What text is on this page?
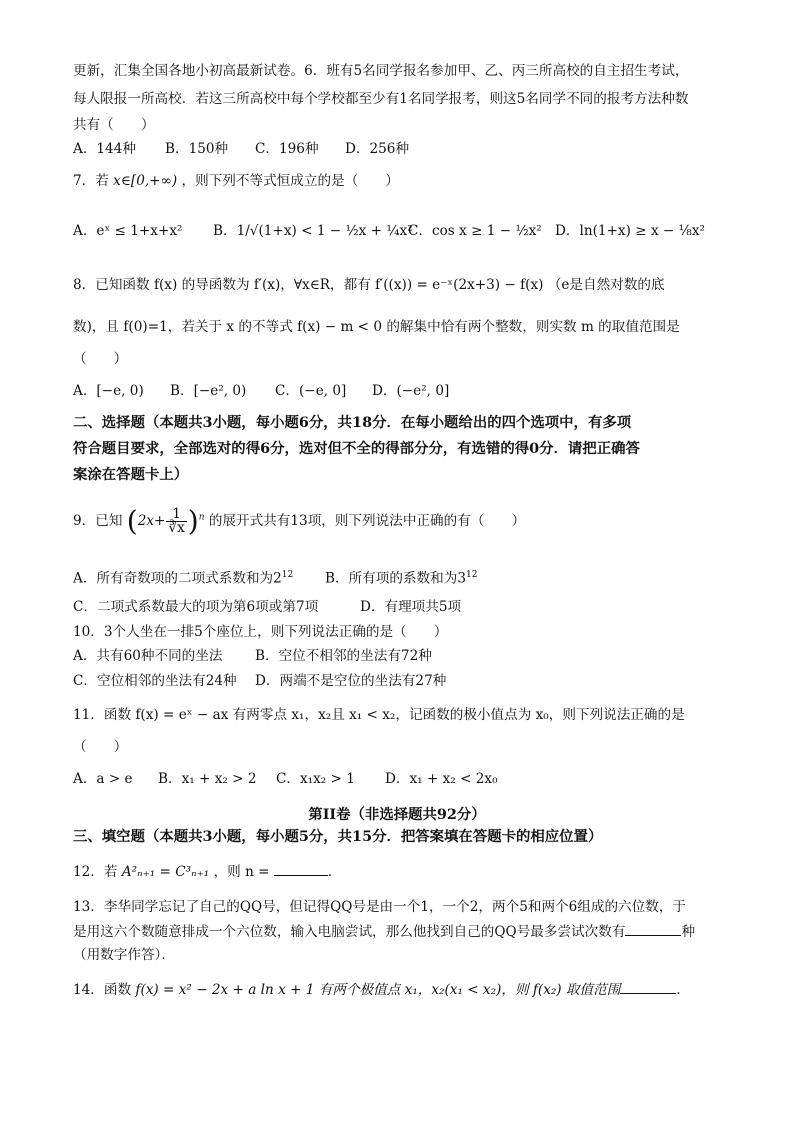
更新，汇集全国各地小初高最新试卷。6．班有5名同学报名参加甲、乙、丙三所高校的自主招生考试，
每人限报一所高校．若这三所高校中每个学校都至少有1名同学报考，则这5名同学不同的报考方法种数
共有（　　）
A．144种 B．150种 C．196种 D．256种
7．若 x∈[0,+∞) ，则下列不等式恒成立的是（　　）
A．eˣ ≤ 1+x+x² B．1/√(1+x) < 1 − ½x + ¼x²
C．cos x ≥ 1 − ½x² D．ln(1+x) ≥ x − ⅛x²
8．已知函数 f(x) 的导函数为 f′(x)，∀x∈R，都有 f′((x)) = e⁻ˣ(2x+3) − f(x) （e是自然对数的底
数)，且 f(0)=1，若关于 x 的不等式 f(x) − m < 0 的解集中恰有两个整数，则实数 m 的取值范围是
（　　）
A．[−e, 0) B．[−e², 0) C．(−e, 0] D．(−e², 0]
二、选择题（本题共3小题，每小题6分，共18分．在每小题给出的四个选项中，有多项
符合题目要求，全部选对的得6分，选对但不全的得部分分，有选错的得0分．请把正确答
案涂在答题卡上）
9．已知 $(2x+ \frac{1}{∛x} )^n$ 的展开式共有13项，则下列说法中正确的有（　　）
A．所有奇数项的二项式系数和为$2^{12}$ B．所有项的系数和为$3^{12}$
C．二项式系数最大的项为第6项或第7项	D．有理项共5项
10．3个人坐在一排5个座位上，则下列说法正确的是（　　）
A．共有60种不同的坐法 B．空位不相邻的坐法有72种
C．空位相邻的坐法有24种 D．两端不是空位的坐法有27种
11．函数 f(x) = eˣ − ax 有两零点 x₁，x₂且 x₁ < x₂，记函数的极小值点为 x₀，则下列说法正确的是
（　　）
A．a > e B．x₁ + x₂ > 2 C．x₁x₂ > 1 D．x₁ + x₂ < 2x₀
第II卷（非选择题共92分）
三、填空题（本题共3小题，每小题5分，共15分．把答案填在答题卡的相应位置）
12．若 A²ₙ₊₁ = C³ₙ₊₁ ，则 n =	．
13．李华同学忘记了自己的QQ号，但记得QQ号是由一个1，一个2，两个5和两个6组成的六位数，于
是用这六个数随意排成一个六位数，输入电脑尝试，那么他找到自己的QQ号最多尝试次数有	种
（用数字作答）．
14．函数 f(x) = x² − 2x + a ln x + 1 有两个极值点 x₁，x₂(x₁ < x₂)，则 f(x₂) 取值范围	．
